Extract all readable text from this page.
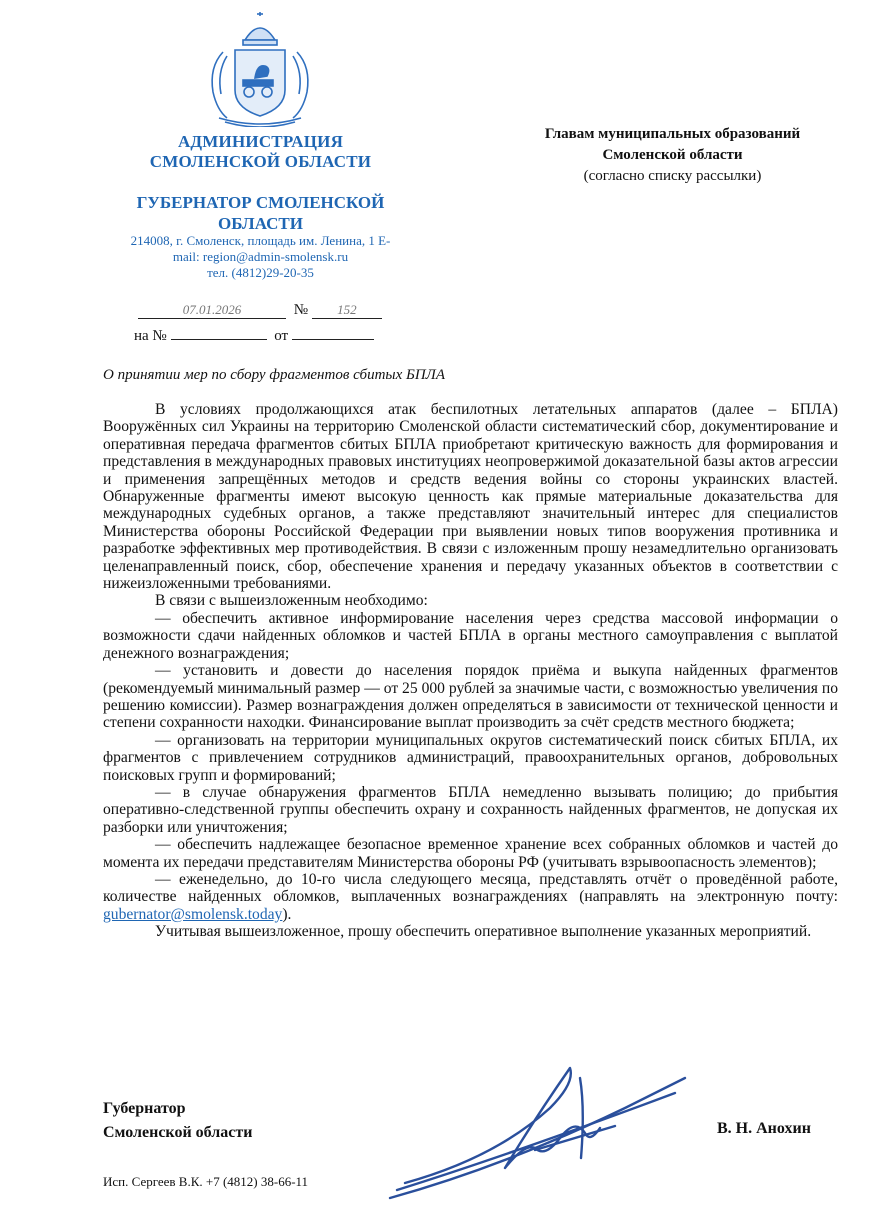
АДМИНИСТРАЦИЯ
СМОЛЕНСКОЙ ОБЛАСТИ
ГУБЕРНАТОР СМОЛЕНСКОЙ
ОБЛАСТИ
214008, г. Смоленск, площадь им. Ленина, 1 E-
mail: region@admin-smolensk.ru
тел. (4812)29-20-35
Главам муниципальных образований
Смоленской области
(согласно списку рассылки)
07.01.2026	№ 152
на №	от
О принятии мер по сбору фрагментов сбитых БПЛА

В условиях продолжающихся атак беспилотных летательных аппаратов (далее – БПЛА) Вооружённых сил Украины на территорию Смоленской области систематический сбор, документирование и оперативная передача фрагментов сбитых БПЛА приобретают критическую важность для формирования и представления в международных правовых институциях неопровержимой доказательной базы актов агрессии и применения запрещённых методов и средств ведения войны со стороны украинских властей. Обнаруженные фрагменты имеют высокую ценность как прямые материальные доказательства для международных судебных органов, а также представляют значительный интерес для специалистов Министерства обороны Российской Федерации при выявлении новых типов вооружения противника и разработке эффективных мер противодействия. В связи с изложенным прошу незамедлительно организовать целенаправленный поиск, сбор, обеспечение хранения и передачу указанных объектов в соответствии с нижеизложенными требованиями.

В связи с вышеизложенным необходимо:

— обеспечить активное информирование населения через средства массовой информации о возможности сдачи найденных обломков и частей БПЛА в органы местного самоуправления с выплатой денежного вознаграждения;

— установить и довести до населения порядок приёма и выкупа найденных фрагментов (рекомендуемый минимальный размер — от 25 000 рублей за значимые части, с возможностью увеличения по решению комиссии). Размер вознаграждения должен определяться в зависимости от технической ценности и степени сохранности находки. Финансирование выплат производить за счёт средств местного бюджета;

— организовать на территории муниципальных округов систематический поиск сбитых БПЛА, их фрагментов с привлечением сотрудников администраций, правоохранительных органов, добровольных поисковых групп и формирований;

— в случае обнаружения фрагментов БПЛА немедленно вызывать полицию; до прибытия оперативно-следственной группы обеспечить охрану и сохранность найденных фрагментов, не допуская их разборки или уничтожения;

— обеспечить надлежащее безопасное временное хранение всех собранных обломков и частей до момента их передачи представителям Министерства обороны РФ (учитывать взрывоопасность элементов);

— еженедельно, до 10-го числа следующего месяца, представлять отчёт о проведённой работе, количестве найденных обломков, выплаченных вознаграждениях (направлять на электронную почту: gubernator@smolensk.today).

Учитывая вышеизложенное, прошу обеспечить оперативное выполнение указанных мероприятий.

Губернатор
Смоленской области	В. Н. Анохин
Исп. Сергеев В.К. +7 (4812) 38-66-11
